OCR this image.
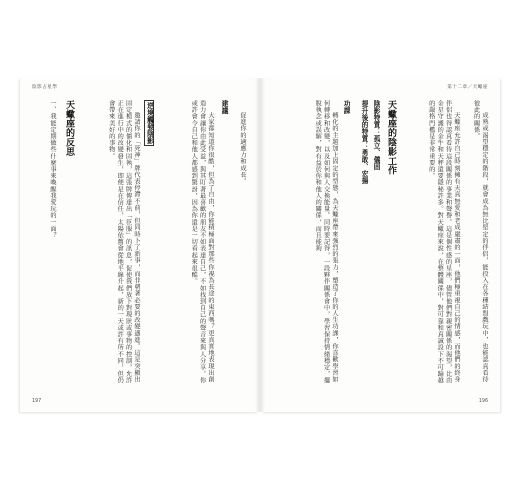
陰影占星學
促進你的適應力和成長。
建議
大家都知道你很酷，但為了自由，你能積極面對那些你視為長途的東西嗎？更真實地表現出創造力會讓你由此受益，與其盯著最喜歡的朋友不如表達自己，不如找到自己的聲音來與人分享。你或許會令自己和他人都感到驚訝，因為你還是一切看起來很酷。
逆境觸發陰影
邀請你的「死神」牌代表停滯不前，但同時卜了新事，而非朝著必要的改變邁進。這是突顯出固定模式的僵化和固執，這張牌傳達出「臣服」的訊息，促使我們放下對現狀或事物的控制，允許正在進行中的改變發生，即便是在信任，太陽依舊會從地平線升起，新的一天或許有所不同，但仍會帶來美好的事物。
天蠍座的反思
一、我能定期做些什麼事來喚醒我愛玩的一面？
197
第十二章／天蠍座
成熟或渴望穩定的階段，就會成為無比堅定的伴侶，能投入在各種結盟戲玩中，也能認真看待彼此的關係。
天蠍座允許自己時刻擁有天真無愛和老成嚴肅的一面，他們極重視自己的情感，而他們的終身伴侶也得認真看待這段關係的事業和聲譽。這是個性感的星座，儘管他們對親密關係的渴望，比由金星守護的金牛和天秤還要隱秘許多。對天蠍座來說，在整體關係中，對可靠和真誠設下不可踰越的嚴格門檻是非常重要的。
天蠍座的陰影工作
陰影特質：孤立、儀固
提升後的特質：勇敢、宏揚
功課
轉化的主題加上固定的型態，為天蠍座帶來強烈的張力，塑造了你的人生功課，你喜歡學習如何轉移和改變，以及如何與人交換能量。同時要記得，一段夥伴關係會中，學習保持情緒穩定，擺脫執念或誤解，對有益於你和他人的關係，而且能夠
196
